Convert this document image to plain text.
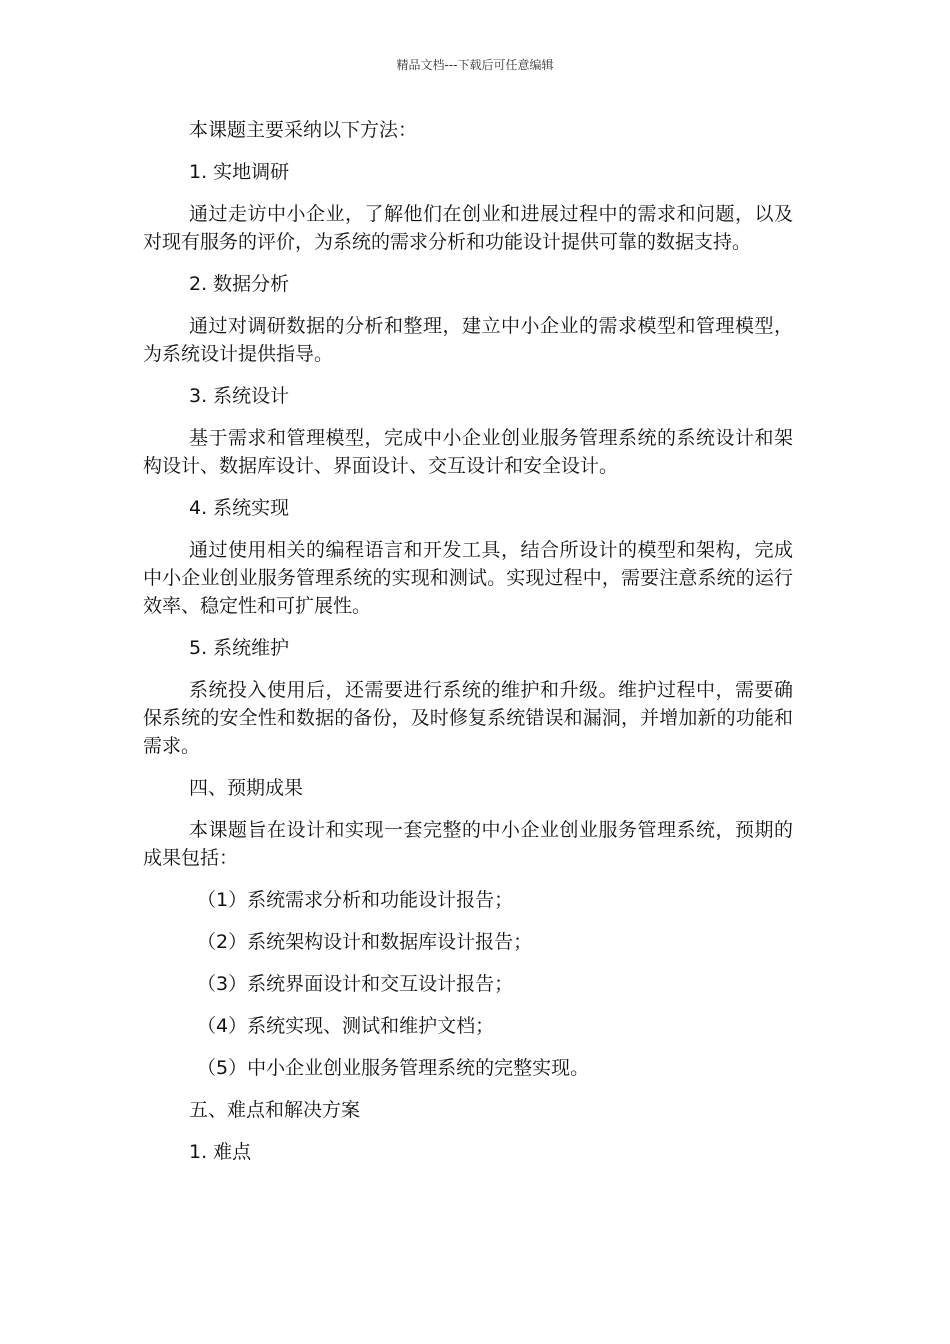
精品文档---下载后可任意编辑
本课题主要采纳以下方法：
1. 实地调研
通过走访中小企业，了解他们在创业和进展过程中的需求和问题，以及对现有服务的评价，为系统的需求分析和功能设计提供可靠的数据支持。
2. 数据分析
通过对调研数据的分析和整理，建立中小企业的需求模型和管理模型，为系统设计提供指导。
3. 系统设计
基于需求和管理模型，完成中小企业创业服务管理系统的系统设计和架构设计、数据库设计、界面设计、交互设计和安全设计。
4. 系统实现
通过使用相关的编程语言和开发工具，结合所设计的模型和架构，完成中小企业创业服务管理系统的实现和测试。实现过程中，需要注意系统的运行效率、稳定性和可扩展性。
5. 系统维护
系统投入使用后，还需要进行系统的维护和升级。维护过程中，需要确保系统的安全性和数据的备份，及时修复系统错误和漏洞，并增加新的功能和需求。
四、预期成果
本课题旨在设计和实现一套完整的中小企业创业服务管理系统，预期的成果包括：
（1）系统需求分析和功能设计报告；
（2）系统架构设计和数据库设计报告；
（3）系统界面设计和交互设计报告；
（4）系统实现、测试和维护文档；
（5）中小企业创业服务管理系统的完整实现。
五、难点和解决方案
1. 难点
